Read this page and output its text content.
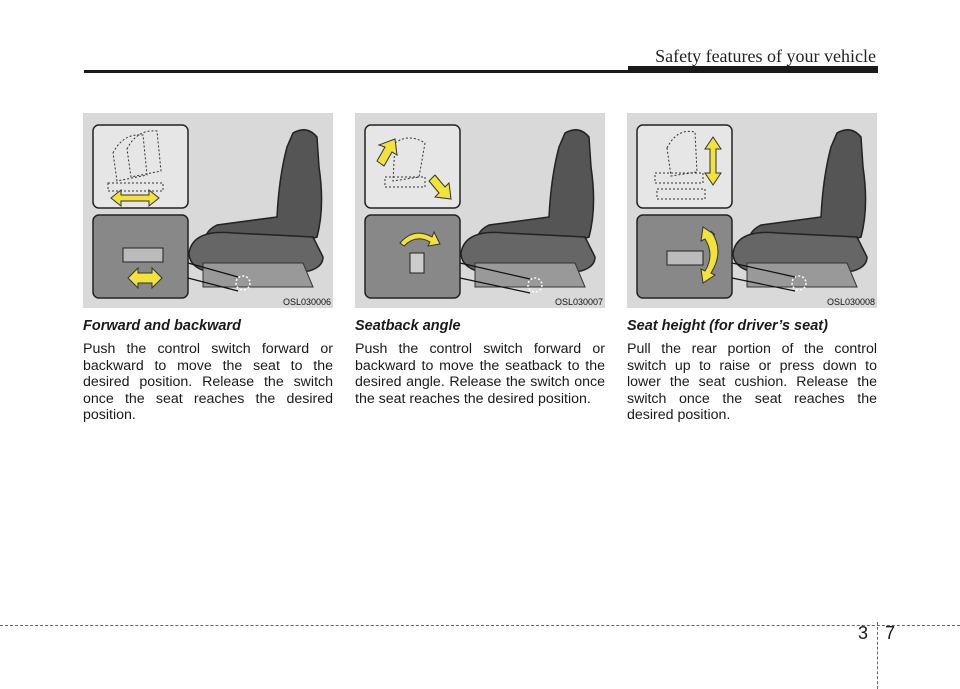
Safety features of your vehicle
OSL030006
Forward and backward
Push the control switch forward or backward to move the seat to the desired position. Release the switch once the seat reaches the desired position.
OSL030007
Seatback angle
Push the control switch forward or backward to move the seatback to the desired angle. Release the switch once the seat reaches the desired position.
OSL030008
Seat height (for driver’s seat)
Pull the rear portion of the control switch up to raise or press down to lower the seat cushion. Release the switch once the seat reaches the desired position.
3 7
